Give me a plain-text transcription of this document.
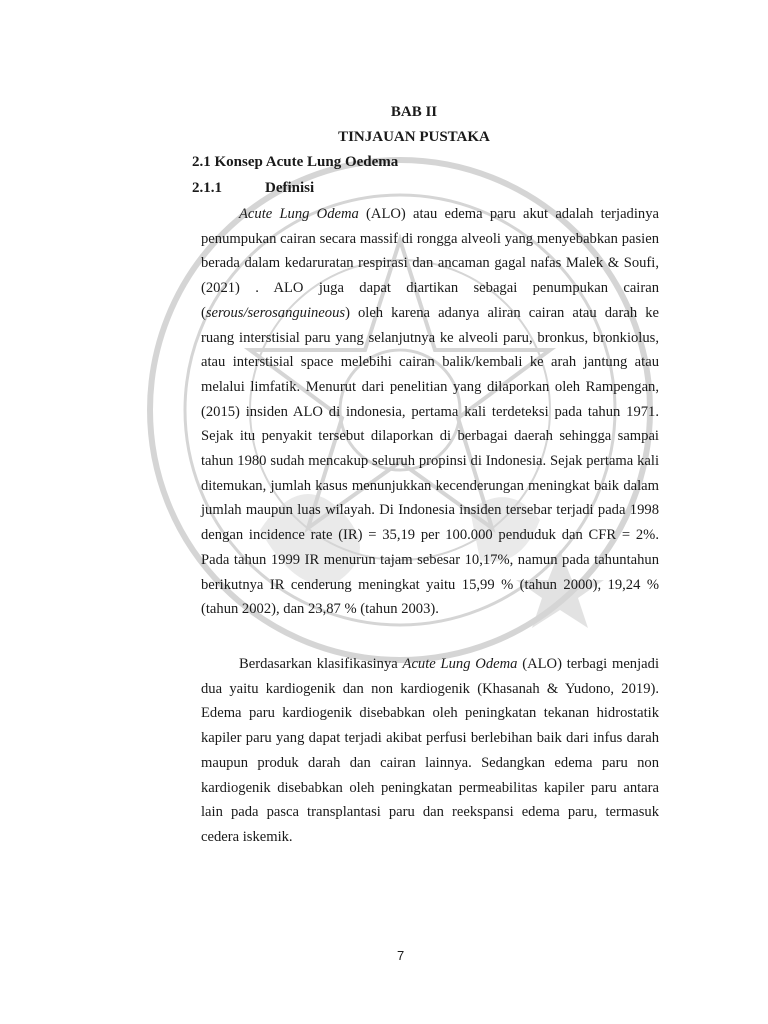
BAB II
TINJAUAN PUSTAKA
2.1 Konsep Acute Lung Oedema
2.1.1	Definisi

Acute Lung Odema (ALO) atau edema paru akut adalah terjadinya penumpukan cairan secara massif di rongga alveoli yang menyebabkan pasien berada dalam kedaruratan respirasi dan ancaman gagal nafas Malek & Soufi, (2021) . ALO juga dapat diartikan sebagai penumpukan cairan (serous/serosanguineous) oleh karena adanya aliran cairan atau darah ke ruang interstisial paru yang selanjutnya ke alveoli paru, bronkus, bronkiolus, atau interstisial space melebihi cairan balik/kembali ke arah jantung atau melalui limfatik. Menurut dari penelitian yang dilaporkan oleh Rampengan, (2015) insiden ALO di indonesia, pertama kali terdeteksi pada tahun 1971. Sejak itu penyakit tersebut dilaporkan di berbagai daerah sehingga sampai tahun 1980 sudah mencakup seluruh propinsi di Indonesia. Sejak pertama kali ditemukan, jumlah kasus menunjukkan kecenderungan meningkat baik dalam jumlah maupun luas wilayah. Di Indonesia insiden tersebar terjadi pada 1998 dengan incidence rate (IR) = 35,19 per 100.000 penduduk dan CFR = 2%. Pada tahun 1999 IR menurun tajam sebesar 10,17%, namun pada tahuntahun berikutnya IR cenderung meningkat yaitu 15,99 % (tahun 2000), 19,24 % (tahun 2002), dan 23,87 % (tahun 2003).

Berdasarkan klasifikasinya Acute Lung Odema (ALO) terbagi menjadi dua yaitu kardiogenik dan non kardiogenik (Khasanah & Yudono, 2019). Edema paru kardiogenik disebabkan oleh peningkatan tekanan hidrostatik kapiler paru yang dapat terjadi akibat perfusi berlebihan baik dari infus darah maupun produk darah dan cairan lainnya. Sedangkan edema paru non kardiogenik disebabkan oleh peningkatan permeabilitas kapiler paru antara lain pada pasca transplantasi paru dan reekspansi edema paru, termasuk cedera iskemik.

7
